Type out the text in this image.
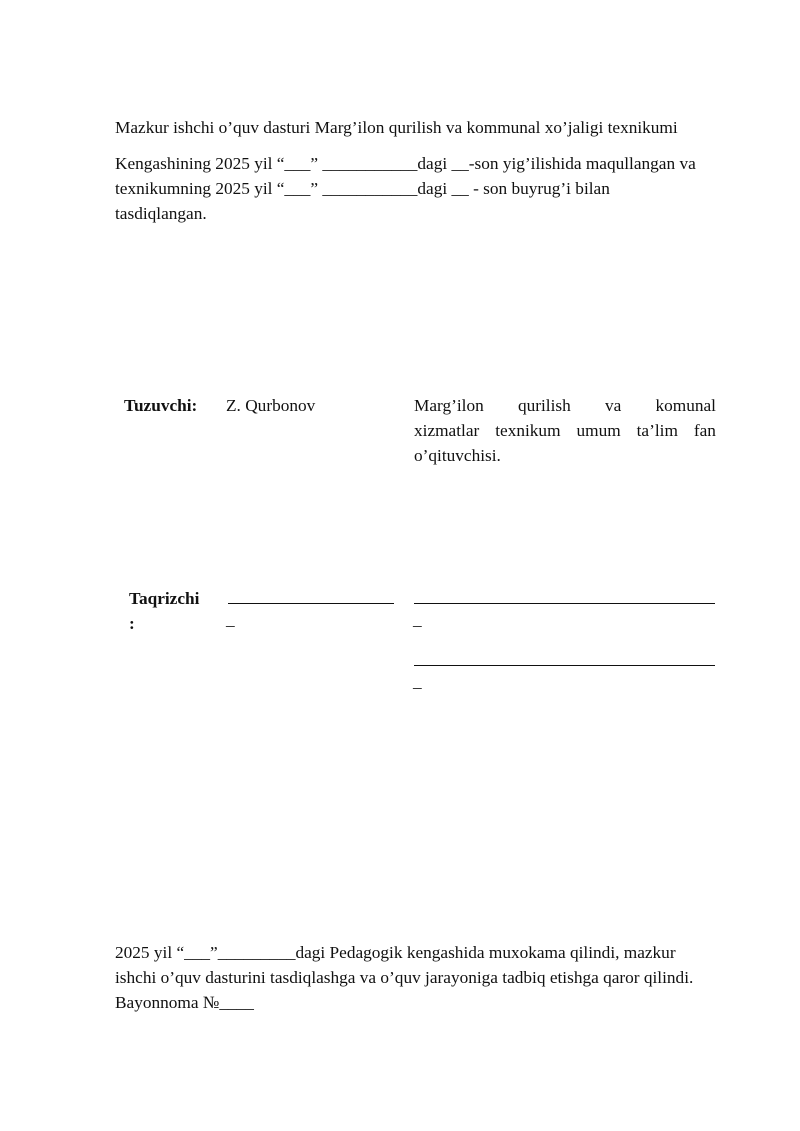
Mazkur ishchi o’quv dasturi Marg’ilon qurilish va kommunal xo’jaligi texnikumi
Kengashining 2025 yil “___” ___________dagi __-son yig’ilishida maqullangan va
texnikumning 2025 yil “___” ___________dagi __ - son buyrug’i bilan
tasdiqlangan.
Tuzuvchi: Z. Qurbonov	Marg’ilon qurilish va komunal
xizmatlar texnikum umum ta’lim fan
o’qituvchisi.
Taqrizchi
:	_	_
_
2025 yil “___”_________dagi Pedagogik kengashida muxokama qilindi, mazkur
ishchi o’quv dasturini tasdiqlashga va o’quv jarayoniga tadbiq etishga qaror qilindi.
Bayonnoma №____
